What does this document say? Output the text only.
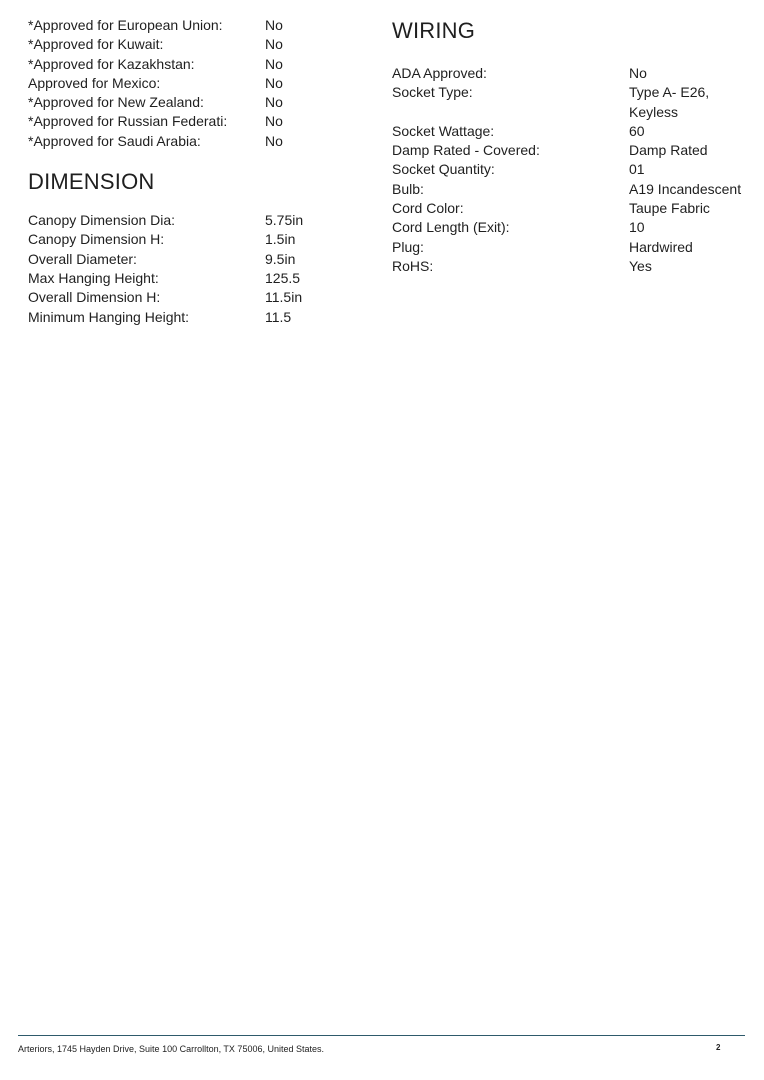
*Approved for European Union:	No
*Approved for Kuwait:	No
*Approved for Kazakhstan:	No
Approved for Mexico:	No
*Approved for New Zealand:	No
*Approved for Russian Federati:	No
*Approved for Saudi Arabia:	No
DIMENSION
Canopy Dimension Dia:	5.75in
Canopy Dimension H:	1.5in
Overall Diameter:	9.5in
Max Hanging Height:	125.5
Overall Dimension H:	11.5in
Minimum Hanging Height:	11.5
WIRING
ADA Approved:	No
Socket Type:	Type A- E26, Keyless
Socket Wattage:	60
Damp Rated - Covered:	Damp Rated
Socket Quantity:	01
Bulb:	A19 Incandescent
Cord Color:	Taupe Fabric
Cord Length (Exit):	10
Plug:	Hardwired
RoHS:	Yes
Arteriors, 1745 Hayden Drive, Suite 100 Carrollton, TX 75006, United States.	2
